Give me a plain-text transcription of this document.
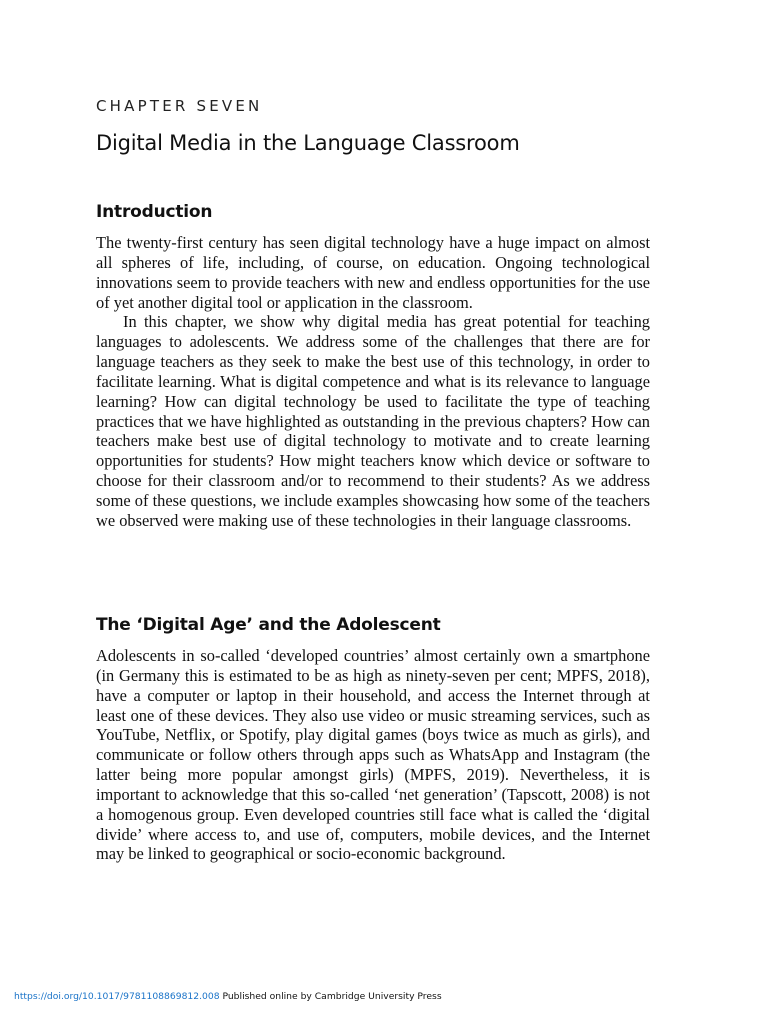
CHAPTER SEVEN
Digital Media in the Language Classroom
Introduction

The twenty-first century has seen digital technology have a huge impact on almost all spheres of life, including, of course, on education. Ongoing technological innovations seem to provide teachers with new and endless opportunities for the use of yet another digital tool or application in the classroom.

In this chapter, we show why digital media has great potential for teaching languages to adolescents. We address some of the challenges that there are for language teachers as they seek to make the best use of this technology, in order to facilitate learning. What is digital competence and what is its relevance to language learning? How can digital technology be used to facilitate the type of teaching practices that we have highlighted as outstanding in the previous chapters? How can teachers make best use of digital technology to motivate and to create learning opportunities for students? How might teachers know which device or software to choose for their classroom and/or to recommend to their students? As we address some of these questions, we include examples showcasing how some of the teachers we observed were making use of these technologies in their language classrooms.

The ‘Digital Age’ and the Adolescent

Adolescents in so-called ‘developed countries’ almost certainly own a smartphone (in Germany this is estimated to be as high as ninety-seven per cent; MPFS, 2018), have a computer or laptop in their household, and access the Internet through at least one of these devices. They also use video or music streaming services, such as YouTube, Netflix, or Spotify, play digital games (boys twice as much as girls), and communicate or follow others through apps such as WhatsApp and Instagram (the latter being more popular amongst girls) (MPFS, 2019). Nevertheless, it is important to acknowledge that this so-called ‘net generation’ (Tapscott, 2008) is not a homogenous group. Even developed countries still face what is called the ‘digital divide’ where access to, and use of, computers, mobile devices, and the Internet may be linked to geographical or socio-economic background.

https://doi.org/10.1017/9781108869812.008 Published online by Cambridge University Press
